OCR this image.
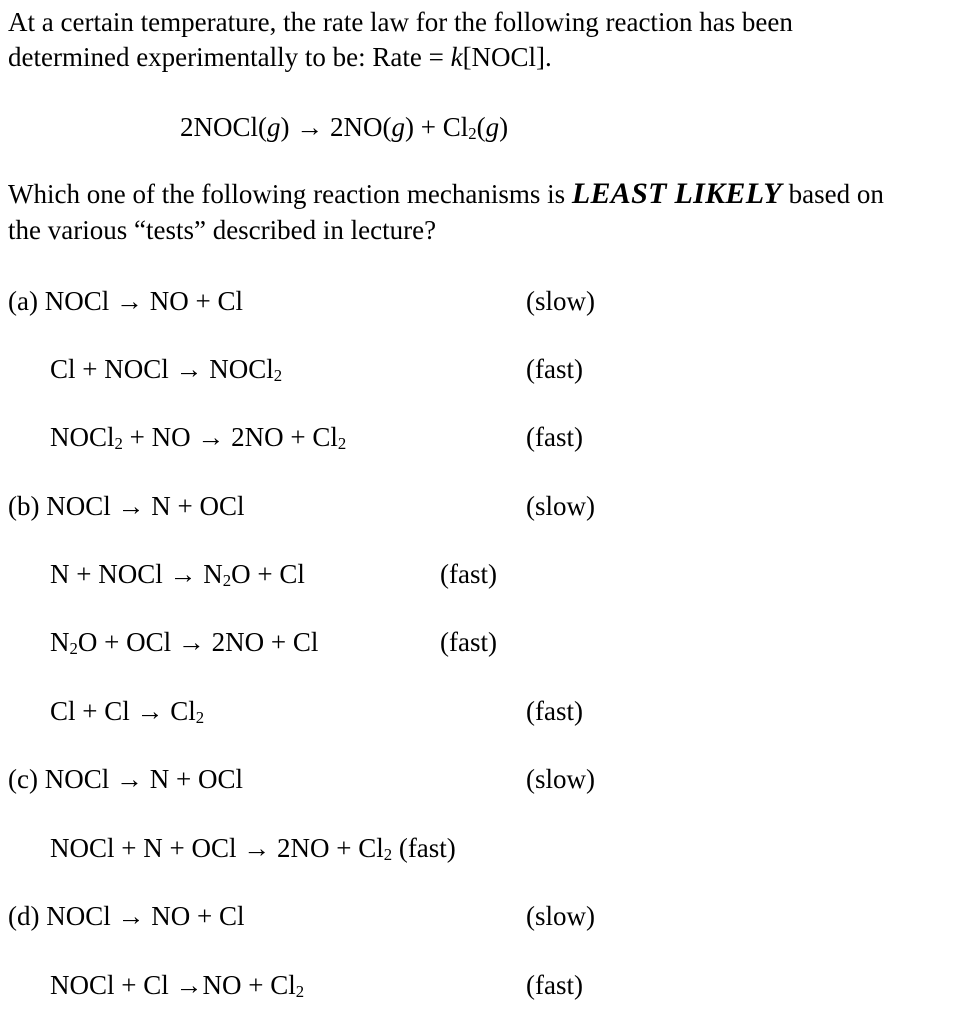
At a certain temperature, the rate law for the following reaction has been
determined experimentally to be: Rate = k[NOCl].
2NOCl(g) → 2NO(g) + Cl2(g)
Which one of the following reaction mechanisms is LEAST LIKELY based on
the various “tests” described in lecture?
(a) NOCl → NO + Cl	(slow)
Cl + NOCl → NOCl2	(fast)
NOCl2 + NO → 2NO + Cl2	(fast)
(b) NOCl → N + OCl	(slow)
N + NOCl → N2O + Cl	(fast)
N2O + OCl → 2NO + Cl	(fast)
Cl + Cl → Cl2	(fast)
(c) NOCl → N + OCl	(slow)
NOCl + N + OCl → 2NO + Cl2 (fast)
(d) NOCl → NO + Cl	(slow)
NOCl + Cl →NO + Cl2	(fast)
